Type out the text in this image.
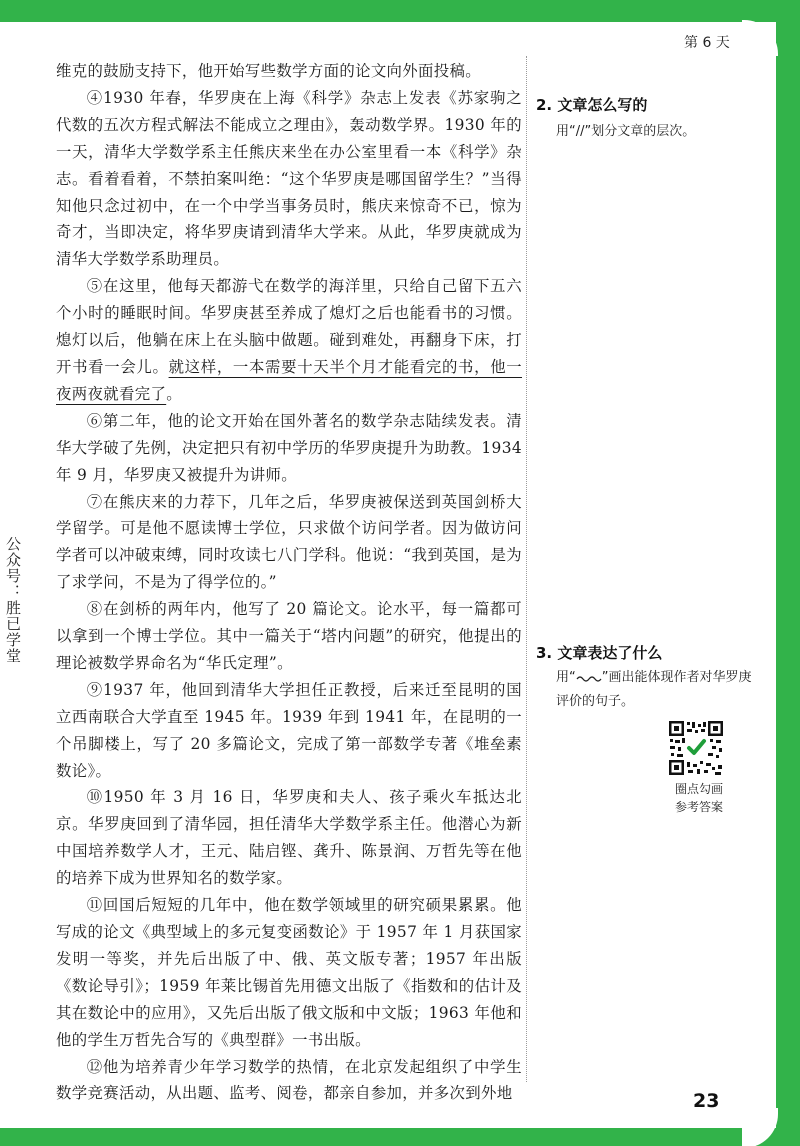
第 6 天
公众号：胜已学堂

维克的鼓励支持下，他开始写些数学方面的论文向外面投稿。

④1930 年春，华罗庚在上海《科学》杂志上发表《苏家驹之代数的五次方程式解法不能成立之理由》，轰动数学界。1930 年的一天，清华大学数学系主任熊庆来坐在办公室里看一本《科学》杂志。看着看着，不禁拍案叫绝：“这个华罗庚是哪国留学生？”当得知他只念过初中，在一个中学当事务员时，熊庆来惊奇不已，惊为奇才，当即决定，将华罗庚请到清华大学来。从此，华罗庚就成为清华大学数学系助理员。

⑤在这里，他每天都游弋在数学的海洋里，只给自己留下五六个小时的睡眠时间。华罗庚甚至养成了熄灯之后也能看书的习惯。熄灯以后，他躺在床上在头脑中做题。碰到难处，再翻身下床，打开书看一会儿。就这样，一本需要十天半个月才能看完的书，他一夜两夜就看完了。

⑥第二年，他的论文开始在国外著名的数学杂志陆续发表。清华大学破了先例，决定把只有初中学历的华罗庚提升为助教。1934 年 9 月，华罗庚又被提升为讲师。

⑦在熊庆来的力荐下，几年之后，华罗庚被保送到英国剑桥大学留学。可是他不愿读博士学位，只求做个访问学者。因为做访问学者可以冲破束缚，同时攻读七八门学科。他说：“我到英国，是为了求学问，不是为了得学位的。”

⑧在剑桥的两年内，他写了 20 篇论文。论水平，每一篇都可以拿到一个博士学位。其中一篇关于“塔内问题”的研究，他提出的理论被数学界命名为“华氏定理”。

⑨1937 年，他回到清华大学担任正教授，后来迁至昆明的国立西南联合大学直至 1945 年。1939 年到 1941 年，在昆明的一个吊脚楼上，写了 20 多篇论文，完成了第一部数学专著《堆垒素数论》。

⑩1950 年 3 月 16 日，华罗庚和夫人、孩子乘火车抵达北京。华罗庚回到了清华园，担任清华大学数学系主任。他潜心为新中国培养数学人才，王元、陆启铿、龚升、陈景润、万哲先等在他的培养下成为世界知名的数学家。

⑪回国后短短的几年中，他在数学领域里的研究硕果累累。他写成的论文《典型域上的多元复变函数论》于 1957 年 1 月获国家发明一等奖，并先后出版了中、俄、英文版专著；1957 年出版《数论导引》；1959 年莱比锡首先用德文出版了《指数和的估计及其在数论中的应用》，又先后出版了俄文版和中文版；1963 年他和他的学生万哲先合写的《典型群》一书出版。

⑫他为培养青少年学习数学的热情，在北京发起组织了中学生数学竞赛活动，从出题、监考、阅卷，都亲自参加，并多次到外地

2. 文章怎么写的
用“//”划分文章的层次。
3. 文章表达了什么
用“ ”画出能体现作者对华罗庚评价的句子。
圈点勾画
参考答案
23
